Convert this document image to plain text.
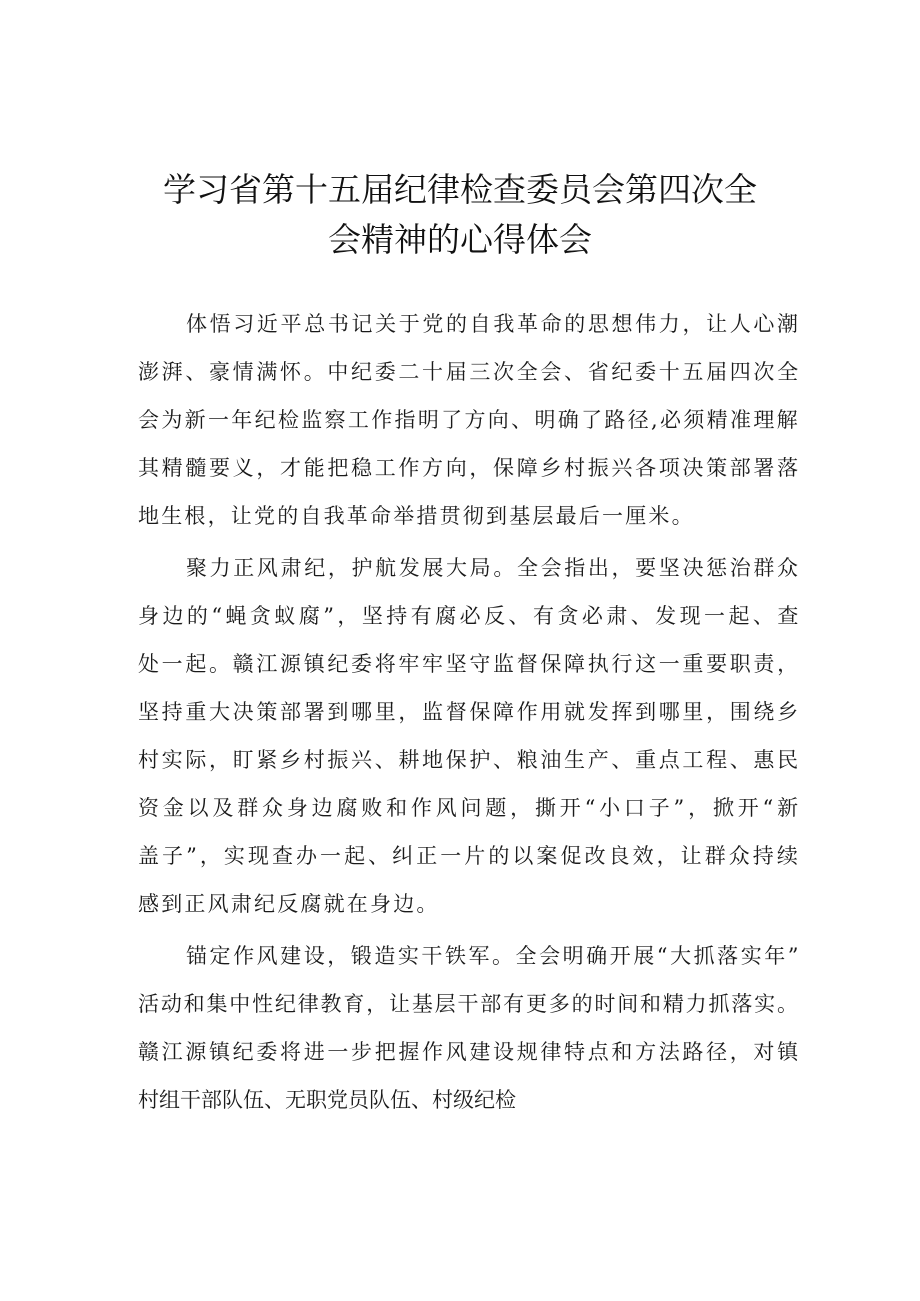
学习省第十五届纪律检查委员会第四次全
会精神的心得体会
体悟习近平总书记关于党的自我革命的思想伟力，让人心潮
澎湃、豪情满怀。中纪委二十届三次全会、省纪委十五届四次全
会为新一年纪检监察工作指明了方向、明确了路径,必须精准理解
其精髓要义，才能把稳工作方向，保障乡村振兴各项决策部署落
地生根，让党的自我革命举措贯彻到基层最后一厘米。
聚力正风肃纪，护航发展大局。全会指出，要坚决惩治群众
身边的“蝇贪蚁腐”，坚持有腐必反、有贪必肃、发现一起、查
处一起。赣江源镇纪委将牢牢坚守监督保障执行这一重要职责，
坚持重大决策部署到哪里，监督保障作用就发挥到哪里，围绕乡
村实际，盯紧乡村振兴、耕地保护、粮油生产、重点工程、惠民
资金以及群众身边腐败和作风问题，撕开“小口子”，掀开“新
盖子”，实现查办一起、纠正一片的以案促改良效，让群众持续
感到正风肃纪反腐就在身边。
锚定作风建设，锻造实干铁军。全会明确开展“大抓落实年”
活动和集中性纪律教育，让基层干部有更多的时间和精力抓落实。
赣江源镇纪委将进一步把握作风建设规律特点和方法路径，对镇
村组干部队伍、无职党员队伍、村级纪检
